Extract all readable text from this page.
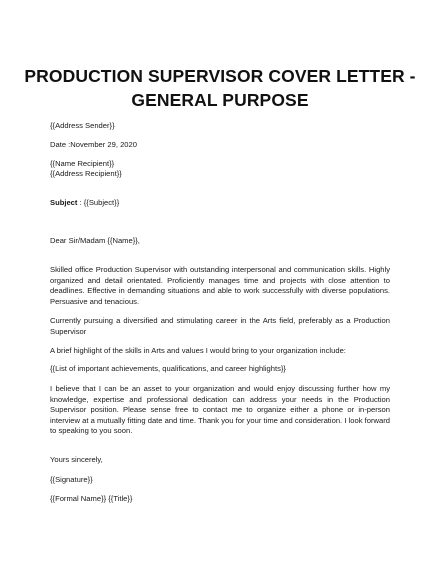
PRODUCTION SUPERVISOR COVER LETTER -
GENERAL PURPOSE
{{Address Sender}}
Date :November 29, 2020
{{Name Recipient}}
{{Address Recipient}}
Subject : {{Subject}}
Dear Sir/Madam {{Name}},
Skilled office Production Supervisor with outstanding interpersonal and communication skills. Highly organized and detail orientated. Proficiently manages time and projects with close attention to deadlines. Effective in demanding situations and able to work successfully with diverse populations. Persuasive and tenacious.
Currently pursuing a diversified and stimulating career in the Arts field, preferably as a Production Supervisor
A brief highlight of the skills in Arts and values I would bring to your organization include:
{{List of important achievements, qualifications, and career highlights}}
I believe that I can be an asset to your organization and would enjoy discussing further how my knowledge, expertise and professional dedication can address your needs in the Production Supervisor position. Please sense free to contact me to organize either a phone or in-person interview at a mutually fitting date and time. Thank you for your time and consideration. I look forward to speaking to you soon.
Yours sincerely,
{{Signature}}
{{Formal Name}} {{Title}}
